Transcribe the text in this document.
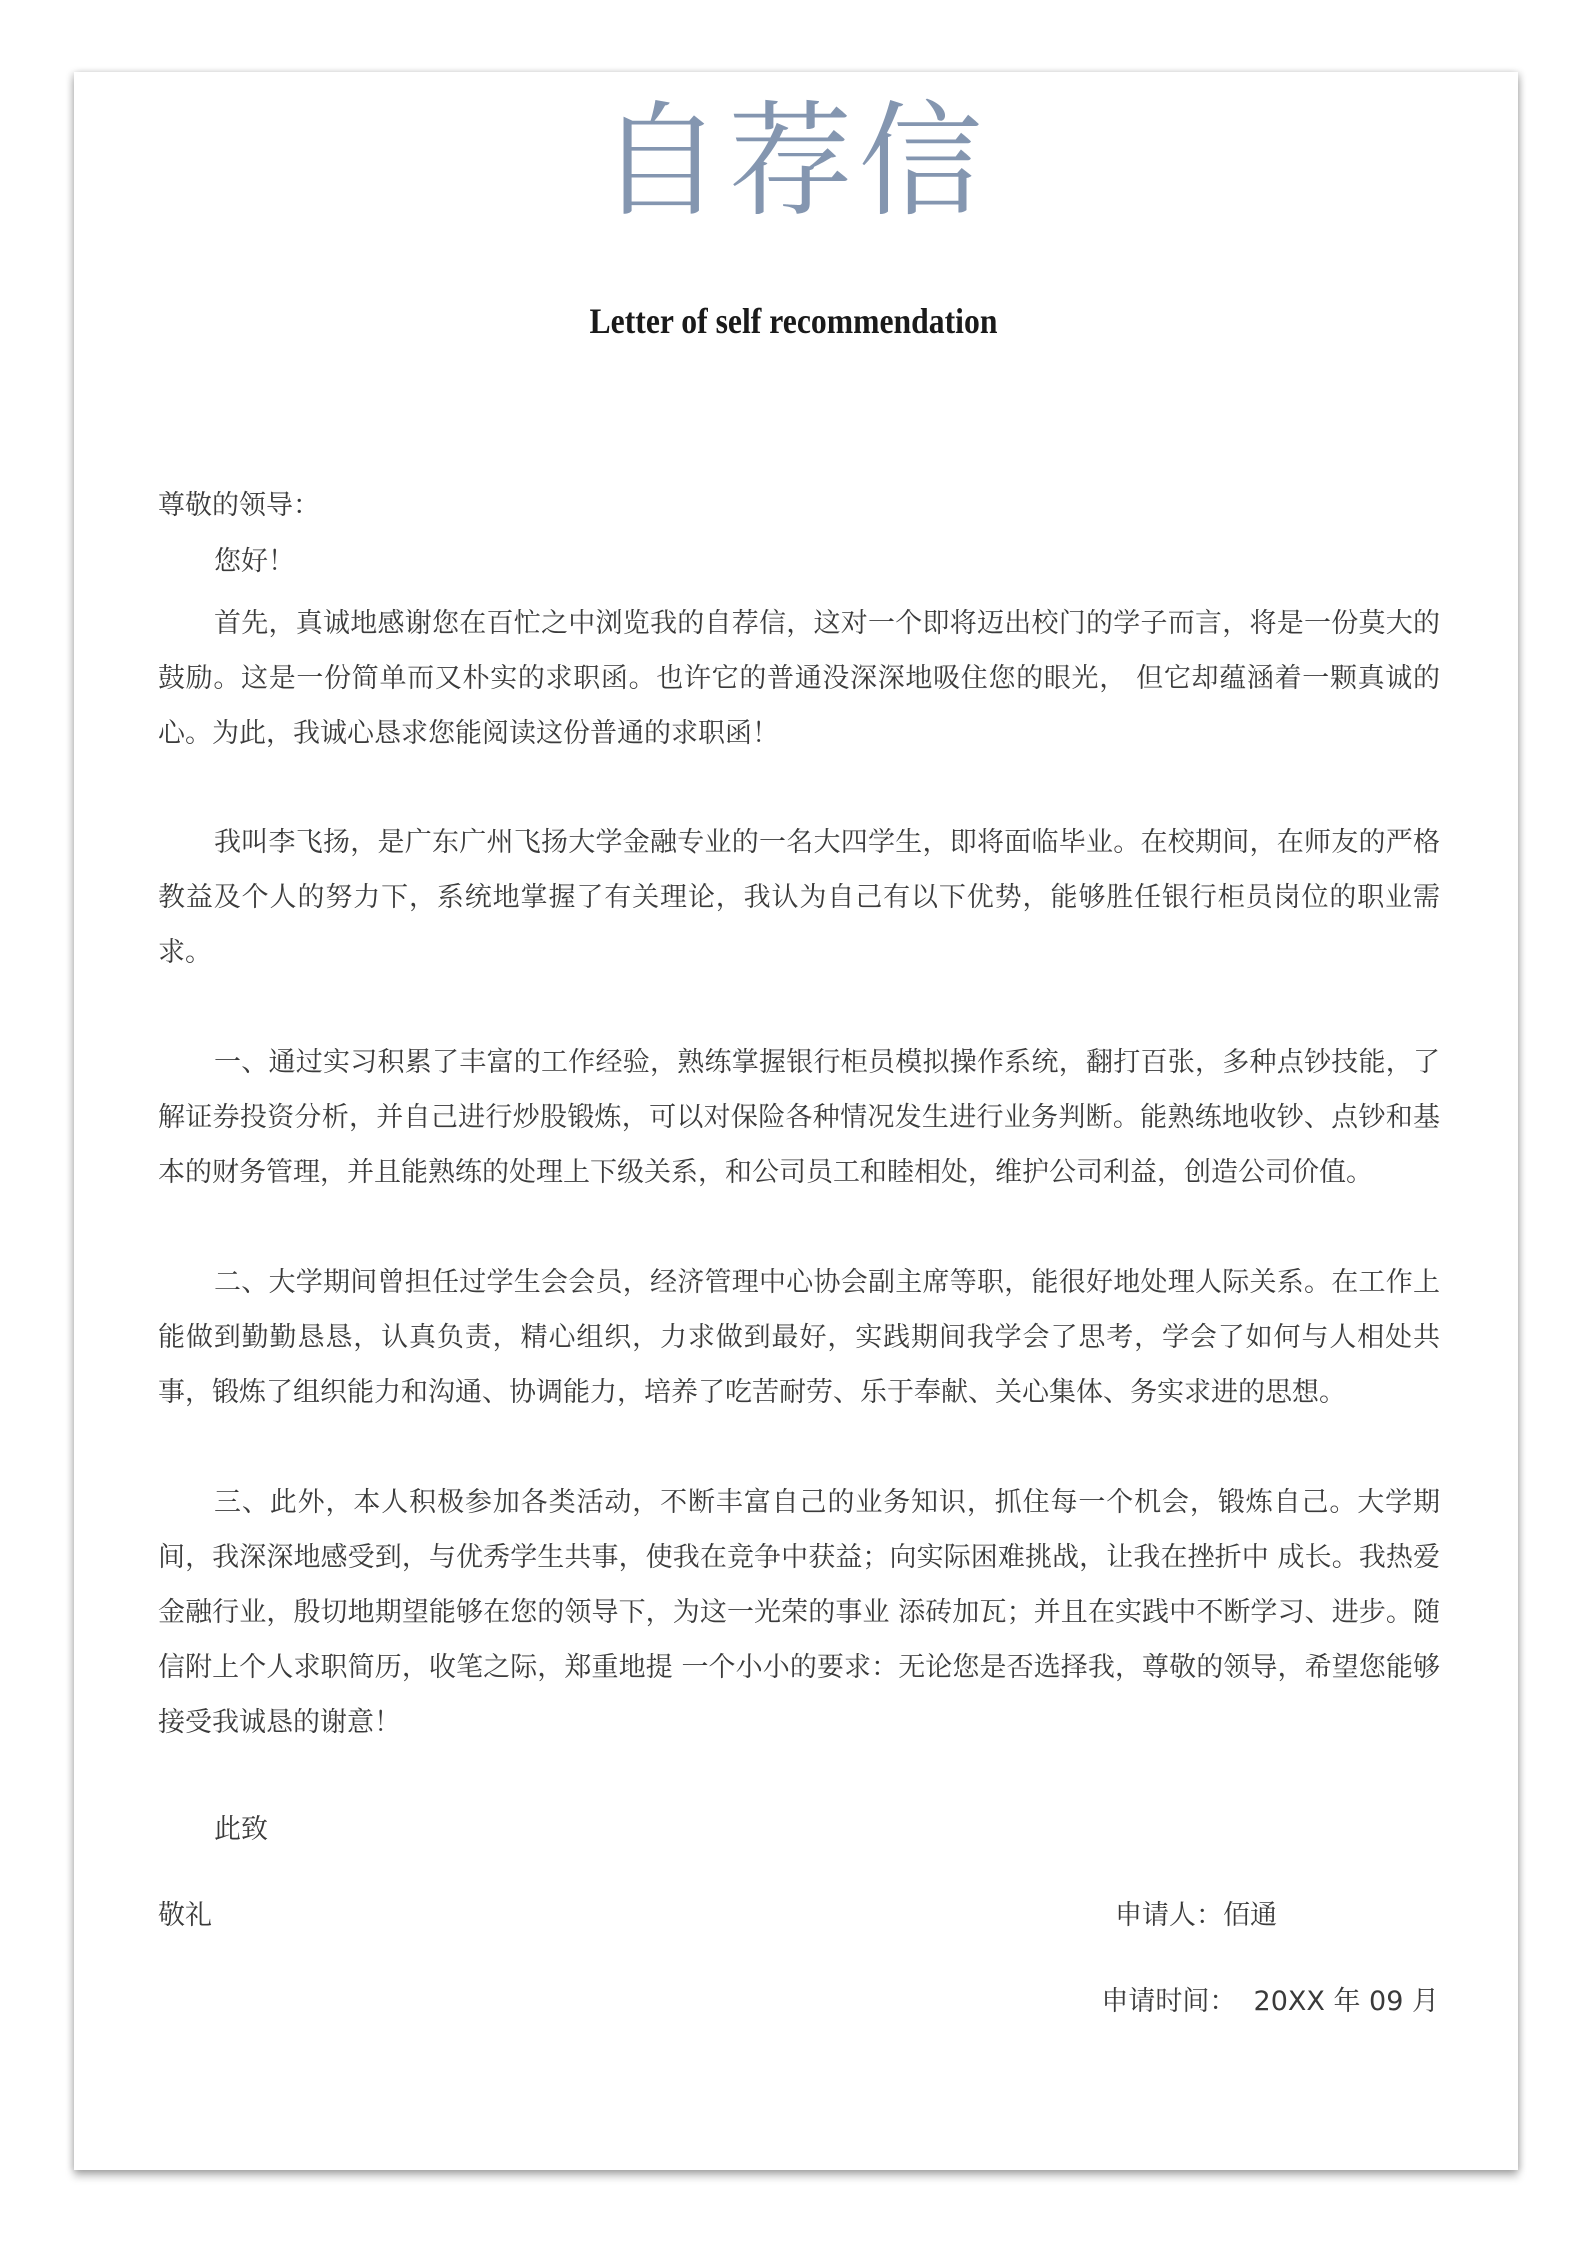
自荐信
Letter of self recommendation
尊敬的领导：
您好！

首先，真诚地感谢您在百忙之中浏览我的自荐信，这对一个即将迈出校门的学子而言，将是一份莫大的鼓励。这是一份简单而又朴实的求职函。也许它的普通没深深地吸住您的眼光， 但它却蕴涵着一颗真诚的心。为此，我诚心恳求您能阅读这份普通的求职函！

我叫李飞扬，是广东广州飞扬大学金融专业的一名大四学生，即将面临毕业。在校期间，在师友的严格 教益及个人的努力下，系统地掌握了有关理论，我认为自己有以下优势，能够胜任银行柜员岗位的职业需求。

一、通过实习积累了丰富的工作经验，熟练掌握银行柜员模拟操作系统，翻打百张，多种点钞技能，了解证券投资分析，并自己进行炒股锻炼，可以对保险各种情况发生进行业务判断。能熟练地收钞、点钞和基本的财务管理，并且能熟练的处理上下级关系，和公司员工和睦相处，维护公司利益，创造公司价值。

二、大学期间曾担任过学生会会员，经济管理中心协会副主席等职，能很好地处理人际关系。在工作上能做到勤勤恳恳，认真负责，精心组织，力求做到最好，实践期间我学会了思考，学会了如何与人相处共事，锻炼了组织能力和沟通、协调能力，培养了吃苦耐劳、乐于奉献、关心集体、务实求进的思想。

三、此外，本人积极参加各类活动，不断丰富自己的业务知识，抓住每一个机会，锻炼自己。大学期间，我深深地感受到，与优秀学生共事，使我在竞争中获益；向实际困难挑战，让我在挫折中 成长。我热爱金融行业，殷切地期望能够在您的领导下，为这一光荣的事业 添砖加瓦；并且在实践中不断学习、进步。随信附上个人求职简历，收笔之际，郑重地提 一个小小的要求：无论您是否选择我，尊敬的领导，希望您能够接受我诚恳的谢意！

此致
敬礼	申请人：佰通
申请时间：  20XX 年 09 月
